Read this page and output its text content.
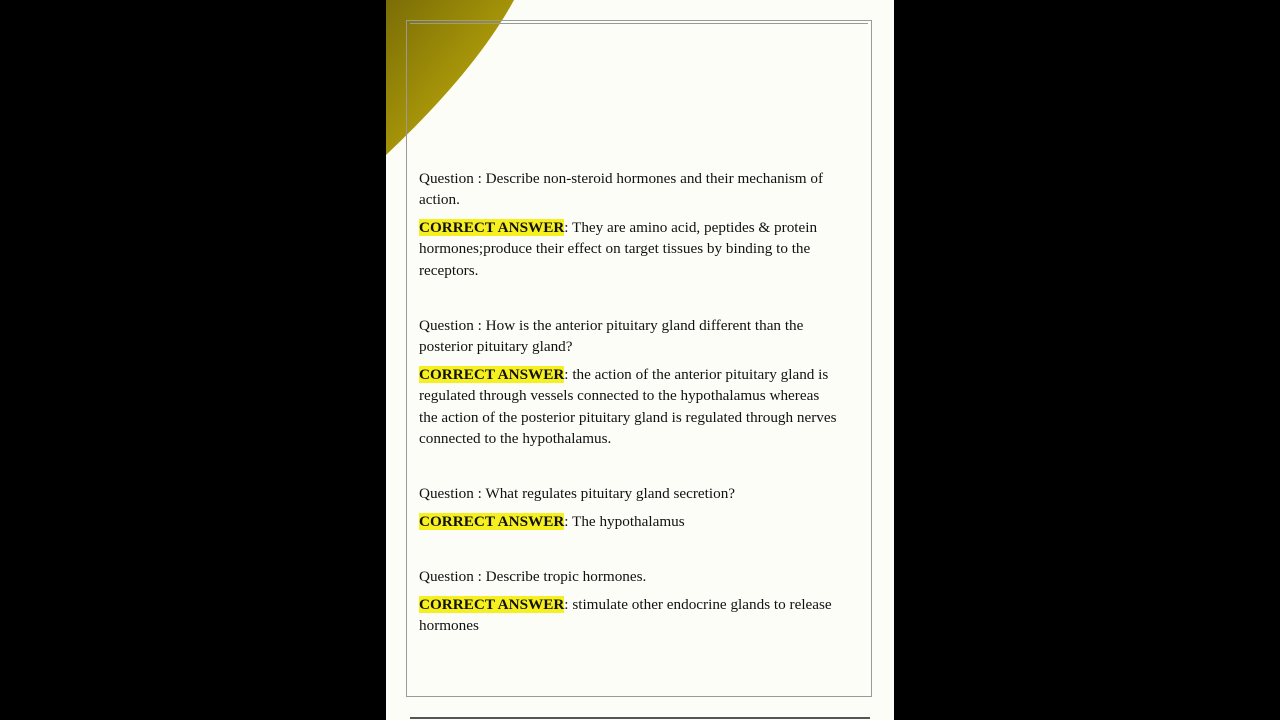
Question : Describe non-steroid hormones and their mechanism of action.

CORRECT ANSWER: They are amino acid, peptides & protein hormones;produce their effect on target tissues by binding to the receptors.

Question : How is the anterior pituitary gland different than the posterior pituitary gland?

CORRECT ANSWER: the action of the anterior pituitary gland is regulated through vessels connected to the hypothalamus whereas the action of the posterior pituitary gland is regulated through nerves connected to the hypothalamus.

Question : What regulates pituitary gland secretion?

CORRECT ANSWER: The hypothalamus

Question : Describe tropic hormones.

CORRECT ANSWER: stimulate other endocrine glands to release hormones
